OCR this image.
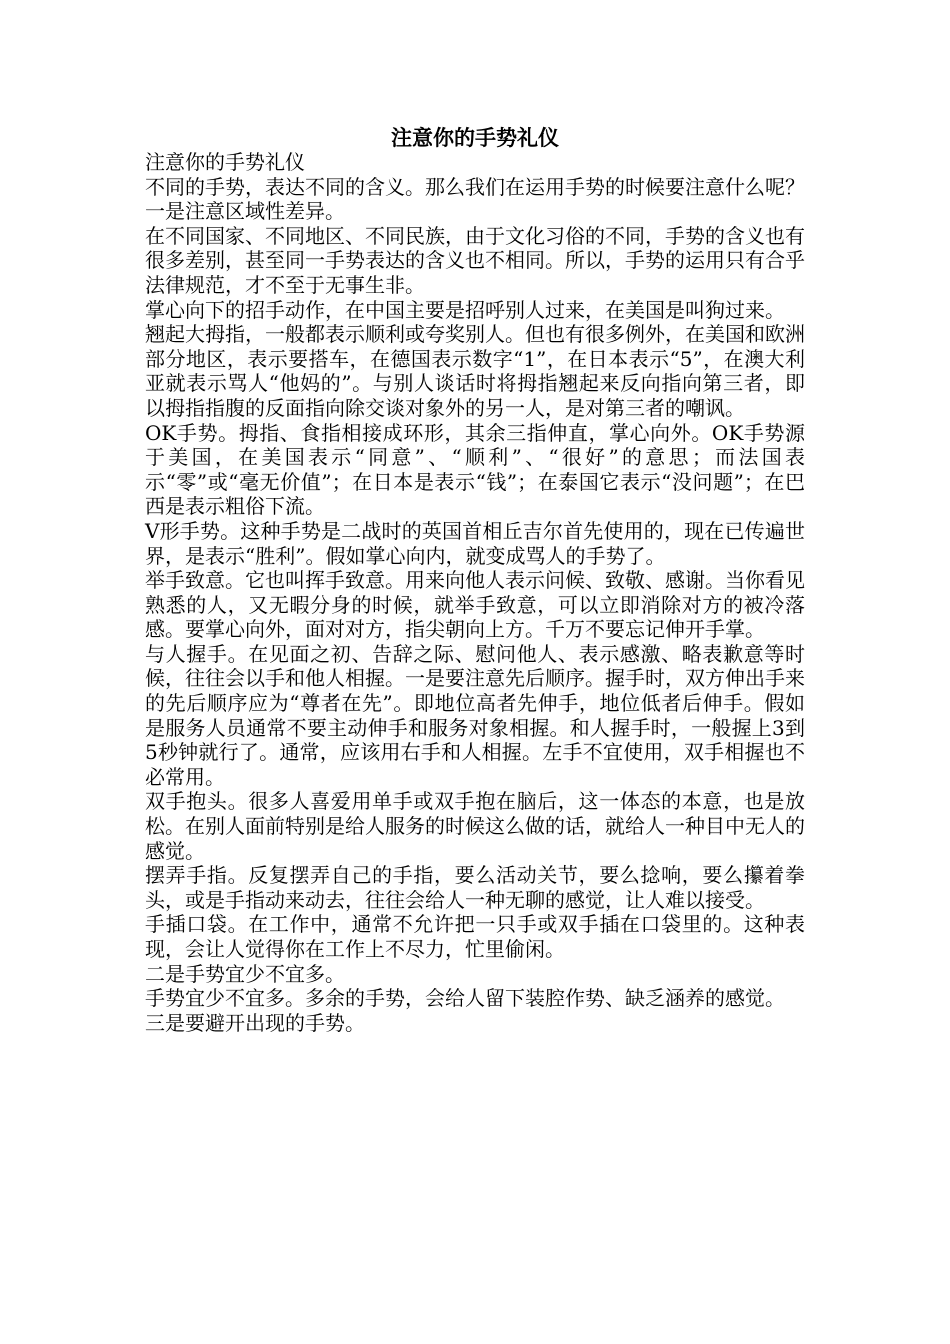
注意你的手势礼仪

注意你的手势礼仪

不同的手势，表达不同的含义。那么我们在运用手势的时候要注意什么呢？

一是注意区域性差异。

在不同国家、不同地区、不同民族，由于文化习俗的不同，手势的含义也有很多差别，甚至同一手势表达的含义也不相同。所以，手势的运用只有合乎法律规范，才不至于无事生非。

掌心向下的招手动作，在中国主要是招呼别人过来，在美国是叫狗过来。

翘起大拇指，一般都表示顺利或夸奖别人。但也有很多例外，在美国和欧洲部分地区，表示要搭车，在德国表示数字“1”，在日本表示“5”，在澳大利亚就表示骂人“他妈的”。与别人谈话时将拇指翘起来反向指向第三者，即以拇指指腹的反面指向除交谈对象外的另一人，是对第三者的嘲讽。

OK手势。拇指、食指相接成环形，其余三指伸直，掌心向外。OK手势源于美国，在美国表示“同意”、“顺利”、“很好”的意思；而法国表示“零”或“毫无价值”；在日本是表示“钱”；在泰国它表示“没问题”；在巴西是表示粗俗下流。

V形手势。这种手势是二战时的英国首相丘吉尔首先使用的，现在已传遍世界，是表示“胜利”。假如掌心向内，就变成骂人的手势了。

举手致意。它也叫挥手致意。用来向他人表示问候、致敬、感谢。当你看见熟悉的人，又无暇分身的时候，就举手致意，可以立即消除对方的被冷落感。要掌心向外，面对对方，指尖朝向上方。千万不要忘记伸开手掌。

与人握手。在见面之初、告辞之际、慰问他人、表示感激、略表歉意等时候，往往会以手和他人相握。一是要注意先后顺序。握手时，双方伸出手来的先后顺序应为“尊者在先”。即地位高者先伸手，地位低者后伸手。假如是服务人员通常不要主动伸手和服务对象相握。和人握手时，一般握上3到5秒钟就行了。通常，应该用右手和人相握。左手不宜使用，双手相握也不必常用。

双手抱头。很多人喜爱用单手或双手抱在脑后，这一体态的本意，也是放松。在别人面前特别是给人服务的时候这么做的话，就给人一种目中无人的感觉。

摆弄手指。反复摆弄自己的手指，要么活动关节，要么捻响，要么攥着拳头，或是手指动来动去，往往会给人一种无聊的感觉，让人难以接受。

手插口袋。在工作中，通常不允许把一只手或双手插在口袋里的。这种表现，会让人觉得你在工作上不尽力，忙里偷闲。

二是手势宜少不宜多。

手势宜少不宜多。多余的手势，会给人留下装腔作势、缺乏涵养的感觉。

三是要避开出现的手势。
